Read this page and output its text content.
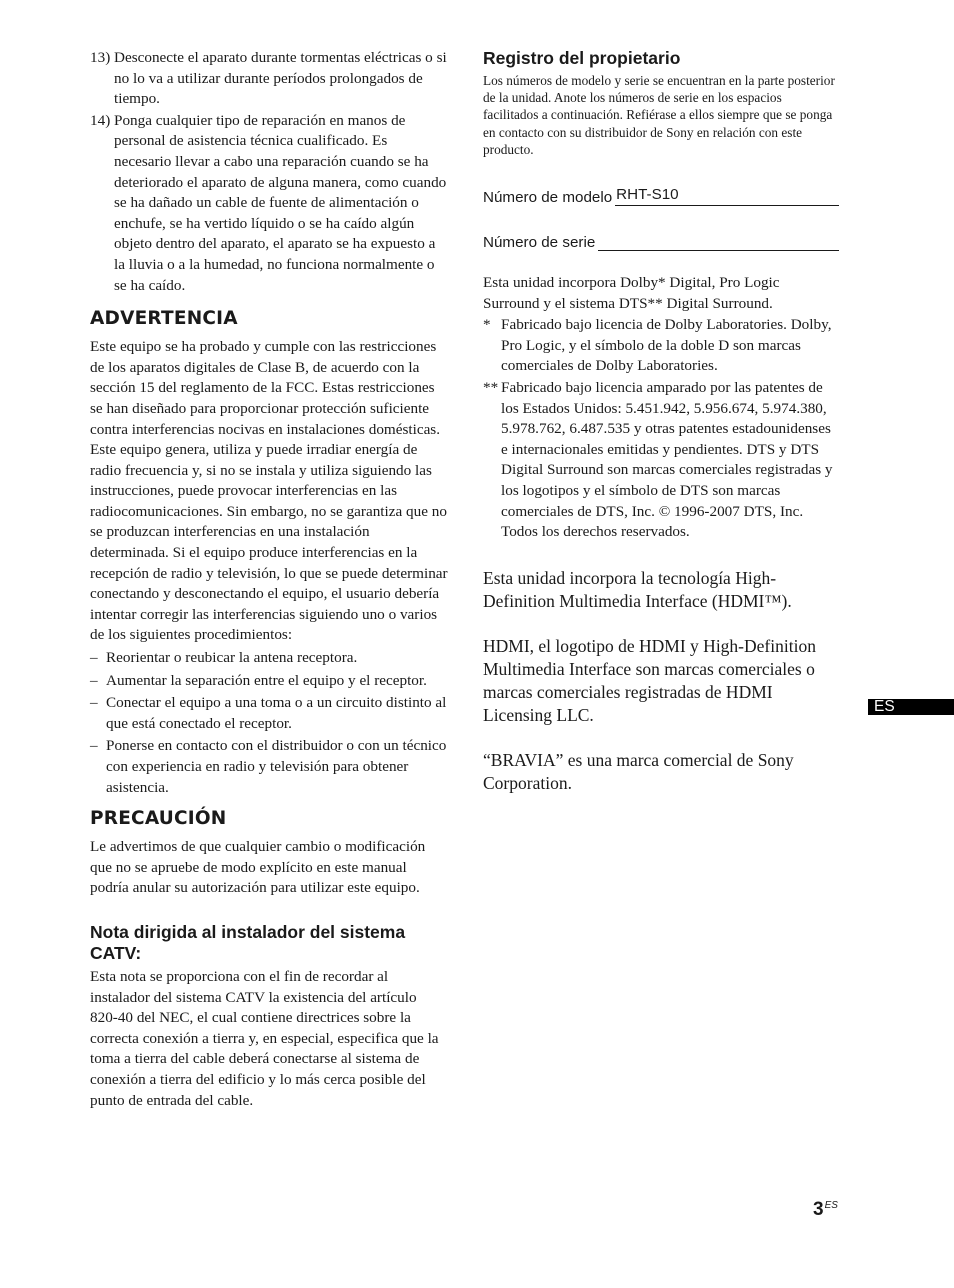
13) Desconecte el aparato durante tormentas eléctricas o si no lo va a utilizar durante períodos prolongados de tiempo.
14) Ponga cualquier tipo de reparación en manos de personal de asistencia técnica cualificado. Es necesario llevar a cabo una reparación cuando se ha deteriorado el aparato de alguna manera, como cuando se ha dañado un cable de fuente de alimentación o enchufe, se ha vertido líquido o se ha caído algún objeto dentro del aparato, el aparato se ha expuesto a la lluvia o a la humedad, no funciona normalmente o se ha caído.
ADVERTENCIA

Este equipo se ha probado y cumple con las restricciones de los aparatos digitales de Clase B, de acuerdo con la sección 15 del reglamento de la FCC. Estas restricciones se han diseñado para proporcionar protección suficiente contra interferencias nocivas en instalaciones domésticas. Este equipo genera, utiliza y puede irradiar energía de radio frecuencia y, si no se instala y utiliza siguiendo las instrucciones, puede provocar interferencias en las radiocomunicaciones. Sin embargo, no se garantiza que no se produzcan interferencias en una instalación determinada. Si el equipo produce interferencias en la recepción de radio y televisión, lo que se puede determinar conectando y desconectando el equipo, el usuario debería intentar corregir las interferencias siguiendo uno o varios de los siguientes procedimientos:

– Reorientar o reubicar la antena receptora.
– Aumentar la separación entre el equipo y el receptor.
– Conectar el equipo a una toma o a un circuito distinto al que está conectado el receptor.
– Ponerse en contacto con el distribuidor o con un técnico con experiencia en radio y televisión para obtener asistencia.
PRECAUCIÓN

Le advertimos de que cualquier cambio o modificación que no se apruebe de modo explícito en este manual podría anular su autorización para utilizar este equipo.

Nota dirigida al instalador del sistema CATV:

Esta nota se proporciona con el fin de recordar al instalador del sistema CATV la existencia del artículo 820-40 del NEC, el cual contiene directrices sobre la correcta conexión a tierra y, en especial, especifica que la toma a tierra del cable deberá conectarse al sistema de conexión a tierra del edificio y lo más cerca posible del punto de entrada del cable.

Registro del propietario

Los números de modelo y serie se encuentran en la parte posterior de la unidad. Anote los números de serie en los espacios facilitados a continuación. Refiérase a ellos siempre que se ponga en contacto con su distribuidor de Sony en relación con este producto.

Número de modelo RHT-S10
Número de serie

Esta unidad incorpora Dolby* Digital, Pro Logic Surround y el sistema DTS** Digital Surround.

* Fabricado bajo licencia de Dolby Laboratories. Dolby, Pro Logic, y el símbolo de la doble D son marcas comerciales de Dolby Laboratories.
** Fabricado bajo licencia amparado por las patentes de los Estados Unidos: 5.451.942, 5.956.674, 5.974.380, 5.978.762, 6.487.535 y otras patentes estadounidenses e internacionales emitidas y pendientes. DTS y DTS Digital Surround son marcas comerciales registradas y los logotipos y el símbolo de DTS son marcas comerciales de DTS, Inc. © 1996-2007 DTS, Inc. Todos los derechos reservados.

Esta unidad incorpora la tecnología High-Definition Multimedia Interface (HDMI™).

HDMI, el logotipo de HDMI y High-Definition Multimedia Interface son marcas comerciales o marcas comerciales registradas de HDMI Licensing LLC.

“BRAVIA” es una marca comercial de Sony Corporation.

ES
$3^{ES}$
